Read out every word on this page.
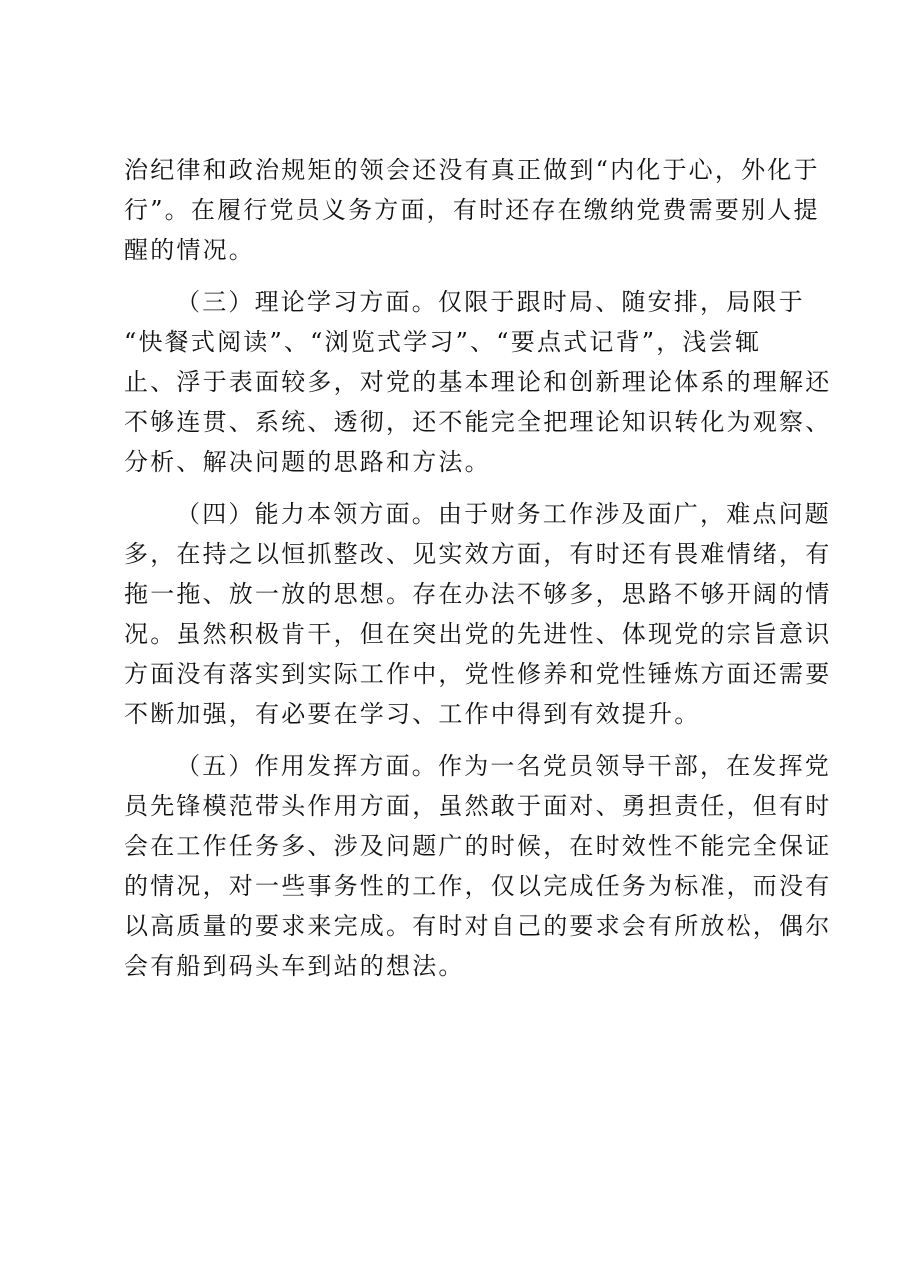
治纪律和政治规矩的领会还没有真正做到“内化于心，外化于
行”。在履行党员义务方面，有时还存在缴纳党费需要别人提
醒的情况。
（三）理论学习方面。仅限于跟时局、随安排，局限于
“快餐式阅读”、“浏览式学习”、“要点式记背”，浅尝辄
止、浮于表面较多，对党的基本理论和创新理论体系的理解还
不够连贯、系统、透彻，还不能完全把理论知识转化为观察、
分析、解决问题的思路和方法。
（四）能力本领方面。由于财务工作涉及面广，难点问题
多，在持之以恒抓整改、见实效方面，有时还有畏难情绪，有
拖一拖、放一放的思想。存在办法不够多，思路不够开阔的情
况。虽然积极肯干，但在突出党的先进性、体现党的宗旨意识
方面没有落实到实际工作中，党性修养和党性锤炼方面还需要
不断加强，有必要在学习、工作中得到有效提升。
（五）作用发挥方面。作为一名党员领导干部，在发挥党
员先锋模范带头作用方面，虽然敢于面对、勇担责任，但有时
会在工作任务多、涉及问题广的时候，在时效性不能完全保证
的情况，对一些事务性的工作，仅以完成任务为标准，而没有
以高质量的要求来完成。有时对自己的要求会有所放松，偶尔
会有船到码头车到站的想法。
